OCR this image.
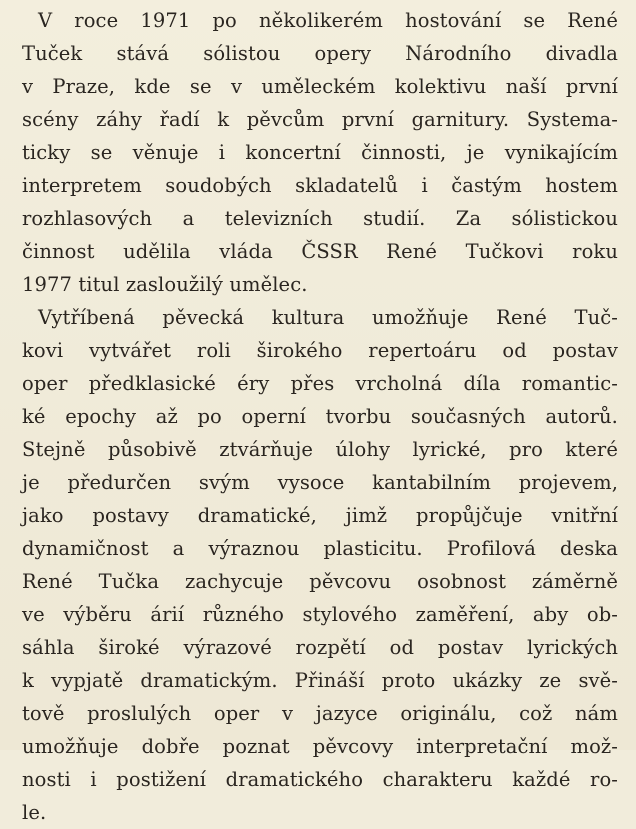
V roce 1971 po několikerém hostování se René
Tuček stává sólistou opery Národního divadla
v Praze, kde se v uměleckém kolektivu naší první
scény záhy řadí k pěvcům první garnitury. Systema-
ticky se věnuje i koncertní činnosti, je vynikajícím
interpretem soudobých skladatelů i častým hostem
rozhlasových a televizních studií. Za sólistickou
činnost udělila vláda ČSSR René Tučkovi roku
1977 titul zasloužilý umělec.
Vytříbená pěvecká kultura umožňuje René Tuč-
kovi vytvářet roli širokého repertoáru od postav
oper předklasické éry přes vrcholná díla romantic-
ké epochy až po operní tvorbu současných autorů.
Stejně působivě ztvárňuje úlohy lyrické, pro které
je předurčen svým vysoce kantabilním projevem,
jako postavy dramatické, jimž propůjčuje vnitřní
dynamičnost a výraznou plasticitu. Profilová deska
René Tučka zachycuje pěvcovu osobnost záměrně
ve výběru árií různého stylového zaměření, aby ob-
sáhla široké výrazové rozpětí od postav lyrických
k vypjatě dramatickým. Přináší proto ukázky ze svě-
tově proslulých oper v jazyce originálu, což nám
umožňuje dobře poznat pěvcovy interpretační mož-
nosti i postižení dramatického charakteru každé ro-
le.
